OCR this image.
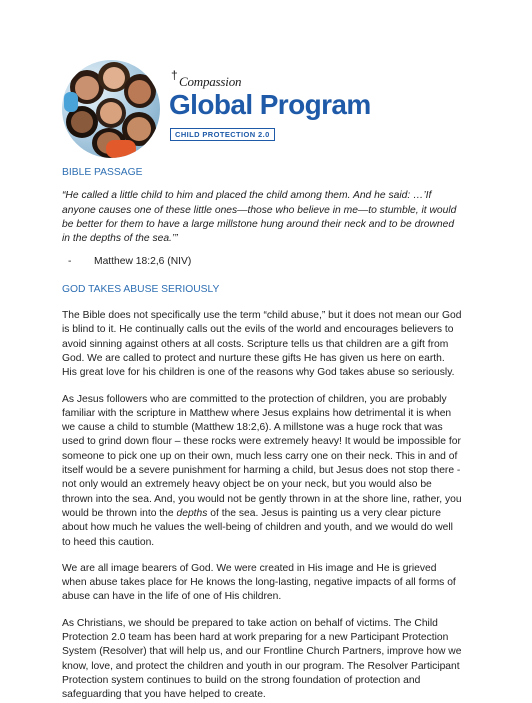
† Compassion
Global Program
CHILD PROTECTION 2.0

BIBLE PASSAGE

“He called a little child to him and placed the child among them. And he said: …’If anyone causes one of these little ones—those who believe in me—to stumble, it would be better for them to have a large millstone hung around their neck and to be drowned in the depths of the sea.’”

-	Matthew 18:2,6 (NIV)

GOD TAKES ABUSE SERIOUSLY

The Bible does not specifically use the term “child abuse,” but it does not mean our God is blind to it. He continually calls out the evils of the world and encourages believers to avoid sinning against others at all costs. Scripture tells us that children are a gift from God. We are called to protect and nurture these gifts He has given us here on earth. His great love for his children is one of the reasons why God takes abuse so seriously.

As Jesus followers who are committed to the protection of children, you are probably familiar with the scripture in Matthew where Jesus explains how detrimental it is when we cause a child to stumble (Matthew 18:2,6). A millstone was a huge rock that was used to grind down flour – these rocks were extremely heavy! It would be impossible for someone to pick one up on their own, much less carry one on their neck. This in and of itself would be a severe punishment for harming a child, but Jesus does not stop there - not only would an extremely heavy object be on your neck, but you would also be thrown into the sea. And, you would not be gently thrown in at the shore line, rather, you would be thrown into the depths of the sea. Jesus is painting us a very clear picture about how much he values the well-being of children and youth, and we would do well to heed this caution.

We are all image bearers of God. We were created in His image and He is grieved when abuse takes place for He knows the long-lasting, negative impacts of all forms of abuse can have in the life of one of His children.

As Christians, we should be prepared to take action on behalf of victims. The Child Protection 2.0 team has been hard at work preparing for a new Participant Protection System (Resolver) that will help us, and our Frontline Church Partners, improve how we know, love, and protect the children and youth in our program. The Resolver Participant Protection system continues to build on the strong foundation of protection and safeguarding that you have helped to create.
